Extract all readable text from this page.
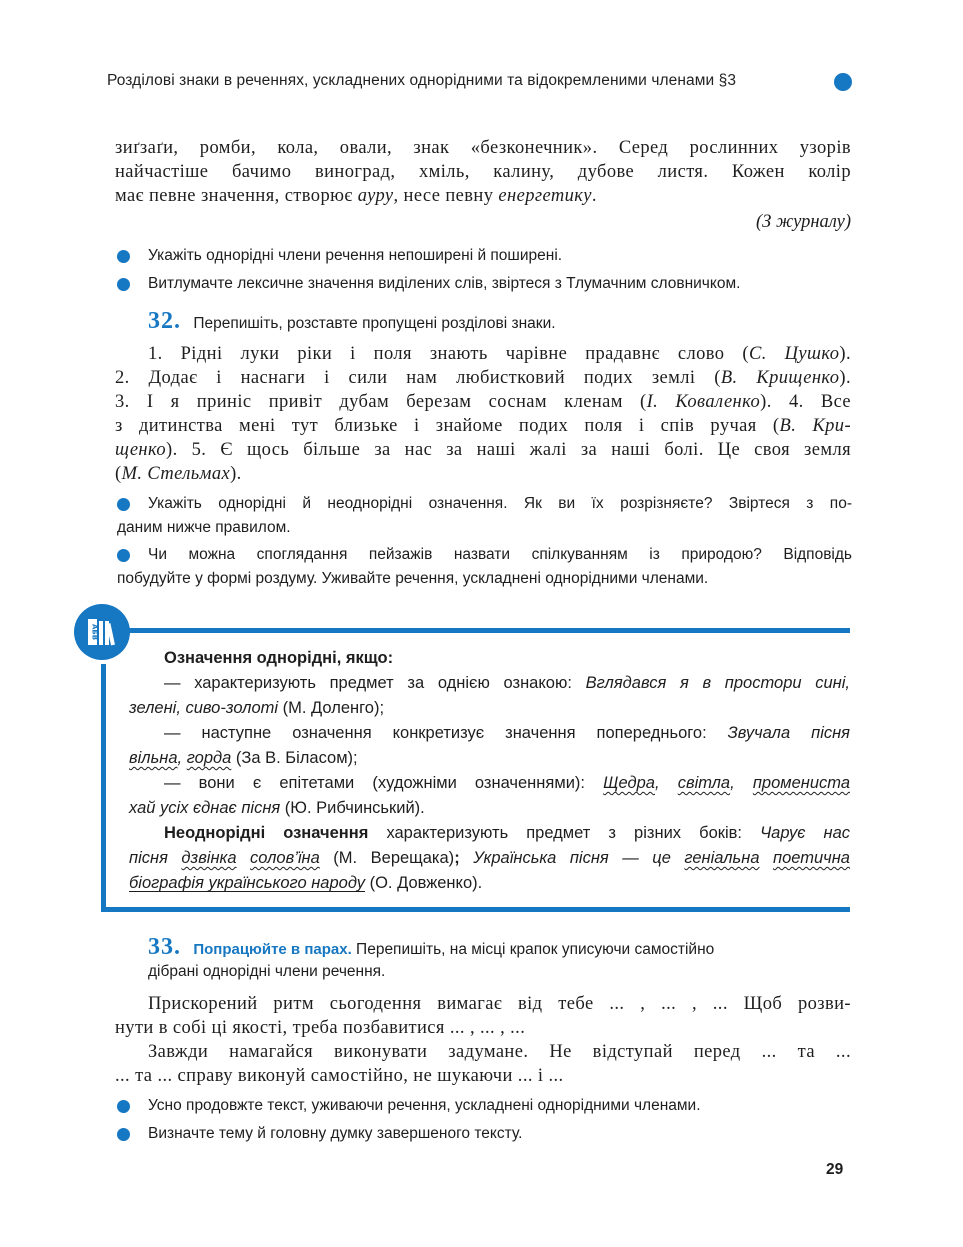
Розділові знаки в реченнях, ускладнених однорідними та відокремленими членами §3
зиґзаґи, ромби, кола, овали, знак «безконечник». Серед рослинних узорів
найчастіше бачимо виноград, хміль, калину, дубове листя. Кожен колір
має певне значення, створює ауру, несе певну енергетику.
(З журналу)
Укажіть однорідні члени речення непоширені й поширені.
Витлумачте лексичне значення виділених слів, звіртеся з Тлумачним словничком.
32. Перепишіть, розставте пропущені розділові знаки.
1. Рідні луки ріки і поля знають чарівне прадавнє слово (С. Цушко).
2. Додає і наснаги і сили нам любистковий подих землі (В. Крищенко).
3. І я приніс привіт дубам березам соснам кленам (І. Коваленко). 4. Все
з дитинства мені тут близьке і знайоме подих поля і спів ручая (В. Кри-
щенко). 5. Є щось більше за нас за наші жалі за наші болі. Це своя земля
(М. Стельмах).
Укажіть однорідні й неоднорідні означення. Як ви їх розрізняєте? Звіртеся з по-
даним нижче правилом.
Чи можна споглядання пейзажів назвати спілкуванням із природою? Відповідь
побудуйте у формі роздуму. Уживайте речення, ускладнені однорідними членами.
АБВ
Означення однорідні, якщо:
— характеризують предмет за однією ознакою: Вглядався я в простори сині,
зелені, сиво-золоті (М. Доленго);
— наступне означення конкретизує значення попереднього: Звучала пісня
вільна, горда (За В. Біласом);
— вони є епітетами (художніми означеннями): Щедра, світла, промениста
хай усіх єднає пісня (Ю. Рибчинський).
Неоднорідні означення характеризують предмет з різних боків: Чарує нас
пісня дзвінка солов’їна (М. Верещака); Українська пісня — це геніальна поетична
біографія українського народу (О. Довженко).
33. Попрацюйте в парах. Перепишіть, на місці крапок уписуючи самостійно
дібрані однорідні члени речення.
Прискорений ритм сьогодення вимагає від тебе ... , ... , ... Щоб розви-
нути в собі ці якості, треба позбавитися ... , ... , ...
Завжди намагайся виконувати задумане. Не відступай перед ... та ...
... та ... справу виконуй самостійно, не шукаючи ... і ...
Усно продовжте текст, уживаючи речення, ускладнені однорідними членами.
Визначте тему й головну думку завершеного тексту.
29
